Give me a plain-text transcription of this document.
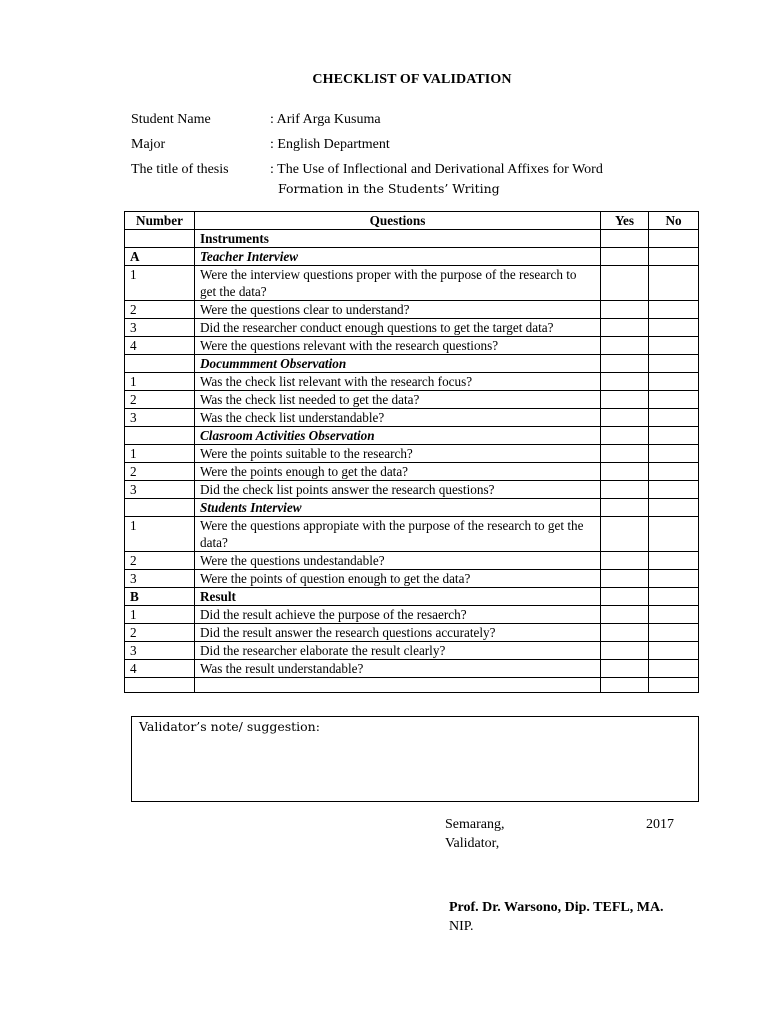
CHECKLIST OF VALIDATION
Student Name	: Arif Arga Kusuma
Major	: English Department
The title of thesis	: The Use of Inflectional and Derivational Affixes for Word
Formation in the Students’ Writing
Number	Questions	Yes	No
	Instruments		
A	Teacher Interview		
1	Were the interview questions proper with the purpose of the research to get the data?		
2	Were the questions clear to understand?		
3	Did the researcher conduct enough questions to get the target data?		
4	Were the questions relevant with the research questions?		
	Docummment Observation		
1	Was the check list relevant with the research focus?		
2	Was the check list needed to get the data?		
3	Was the check list understandable?		
	Clasroom Activities Observation		
1	Were the points suitable to the research?		
2	Were the points enough to get the data?		
3	Did the check list points answer the research questions?		
	Students Interview		
1	Were the questions appropiate with the purpose of the research to get the data?		
2	Were the questions undestandable?		
3	Were the points of question enough to get the data?		
B	Result		
1	Did the result achieve the purpose of the resaerch?		
2	Did the result answer the research questions accurately?		
3	Did the researcher elaborate the result clearly?		
4	Was the result understandable?		

Validator’s note/ suggestion:
Semarang,	2017
Validator,
Prof. Dr. Warsono, Dip. TEFL, MA.
NIP.
